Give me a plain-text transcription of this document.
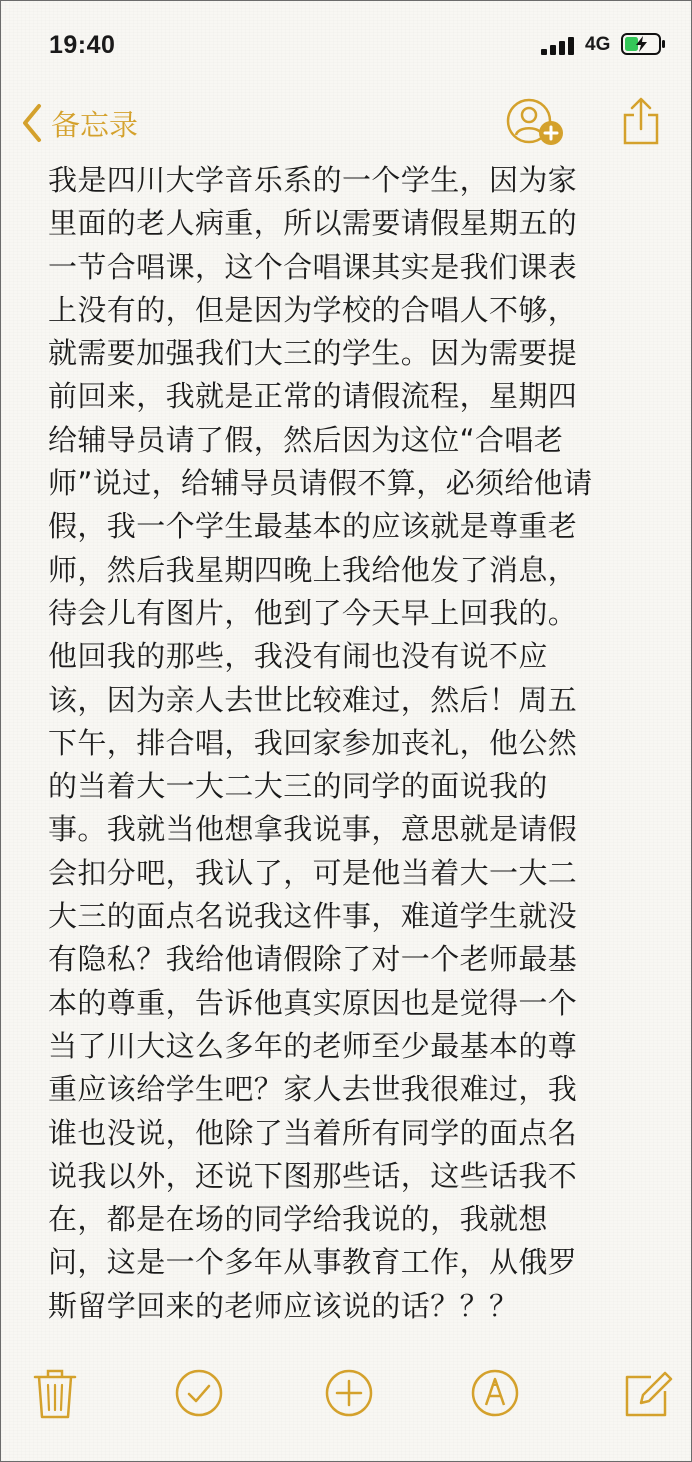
19:40	4G
备忘录
我是四川大学音乐系的一个学生，因为家
里面的老人病重，所以需要请假星期五的
一节合唱课，这个合唱课其实是我们课表
上没有的，但是因为学校的合唱人不够，
就需要加强我们大三的学生。因为需要提
前回来，我就是正常的请假流程，星期四
给辅导员请了假，然后因为这位“合唱老
师”说过，给辅导员请假不算，必须给他请
假，我一个学生最基本的应该就是尊重老
师，然后我星期四晚上我给他发了消息，
待会儿有图片，他到了今天早上回我的。
他回我的那些，我没有闹也没有说不应
该，因为亲人去世比较难过，然后！周五
下午，排合唱，我回家参加丧礼，他公然
的当着大一大二大三的同学的面说我的
事。我就当他想拿我说事，意思就是请假
会扣分吧，我认了，可是他当着大一大二
大三的面点名说我这件事，难道学生就没
有隐私？我给他请假除了对一个老师最基
本的尊重，告诉他真实原因也是觉得一个
当了川大这么多年的老师至少最基本的尊
重应该给学生吧？家人去世我很难过，我
谁也没说，他除了当着所有同学的面点名
说我以外，还说下图那些话，这些话我不
在，都是在场的同学给我说的，我就想
问，这是一个多年从事教育工作，从俄罗
斯留学回来的老师应该说的话？？？
